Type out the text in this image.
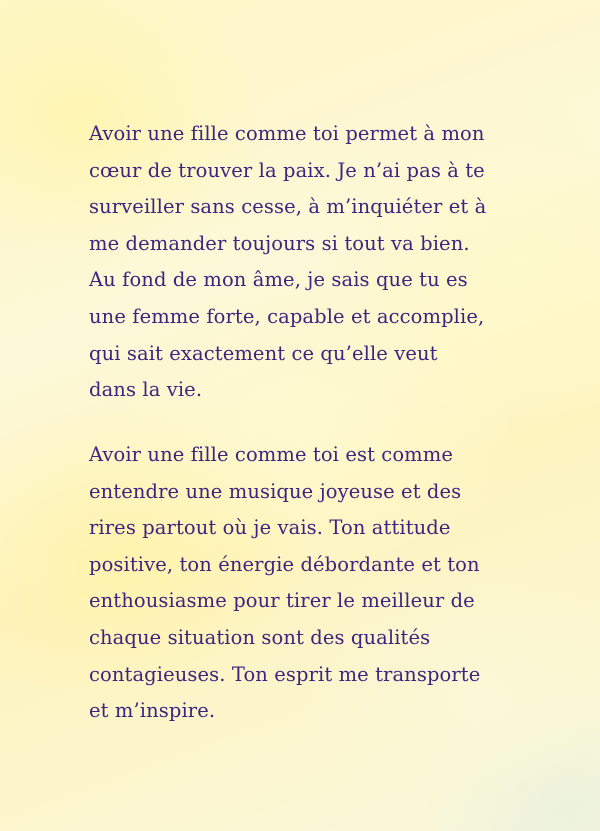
Avoir une fille comme toi permet à mon
cœur de trouver la paix. Je n’ai pas à te
surveiller sans cesse, à m’inquiéter et à
me demander toujours si tout va bien.
Au fond de mon âme, je sais que tu es
une femme forte, capable et accomplie,
qui sait exactement ce qu’elle veut
dans la vie.

Avoir une fille comme toi est comme
entendre une musique joyeuse et des
rires partout où je vais. Ton attitude
positive, ton énergie débordante et ton
enthousiasme pour tirer le meilleur de
chaque situation sont des qualités
contagieuses. Ton esprit me transporte
et m’inspire.
